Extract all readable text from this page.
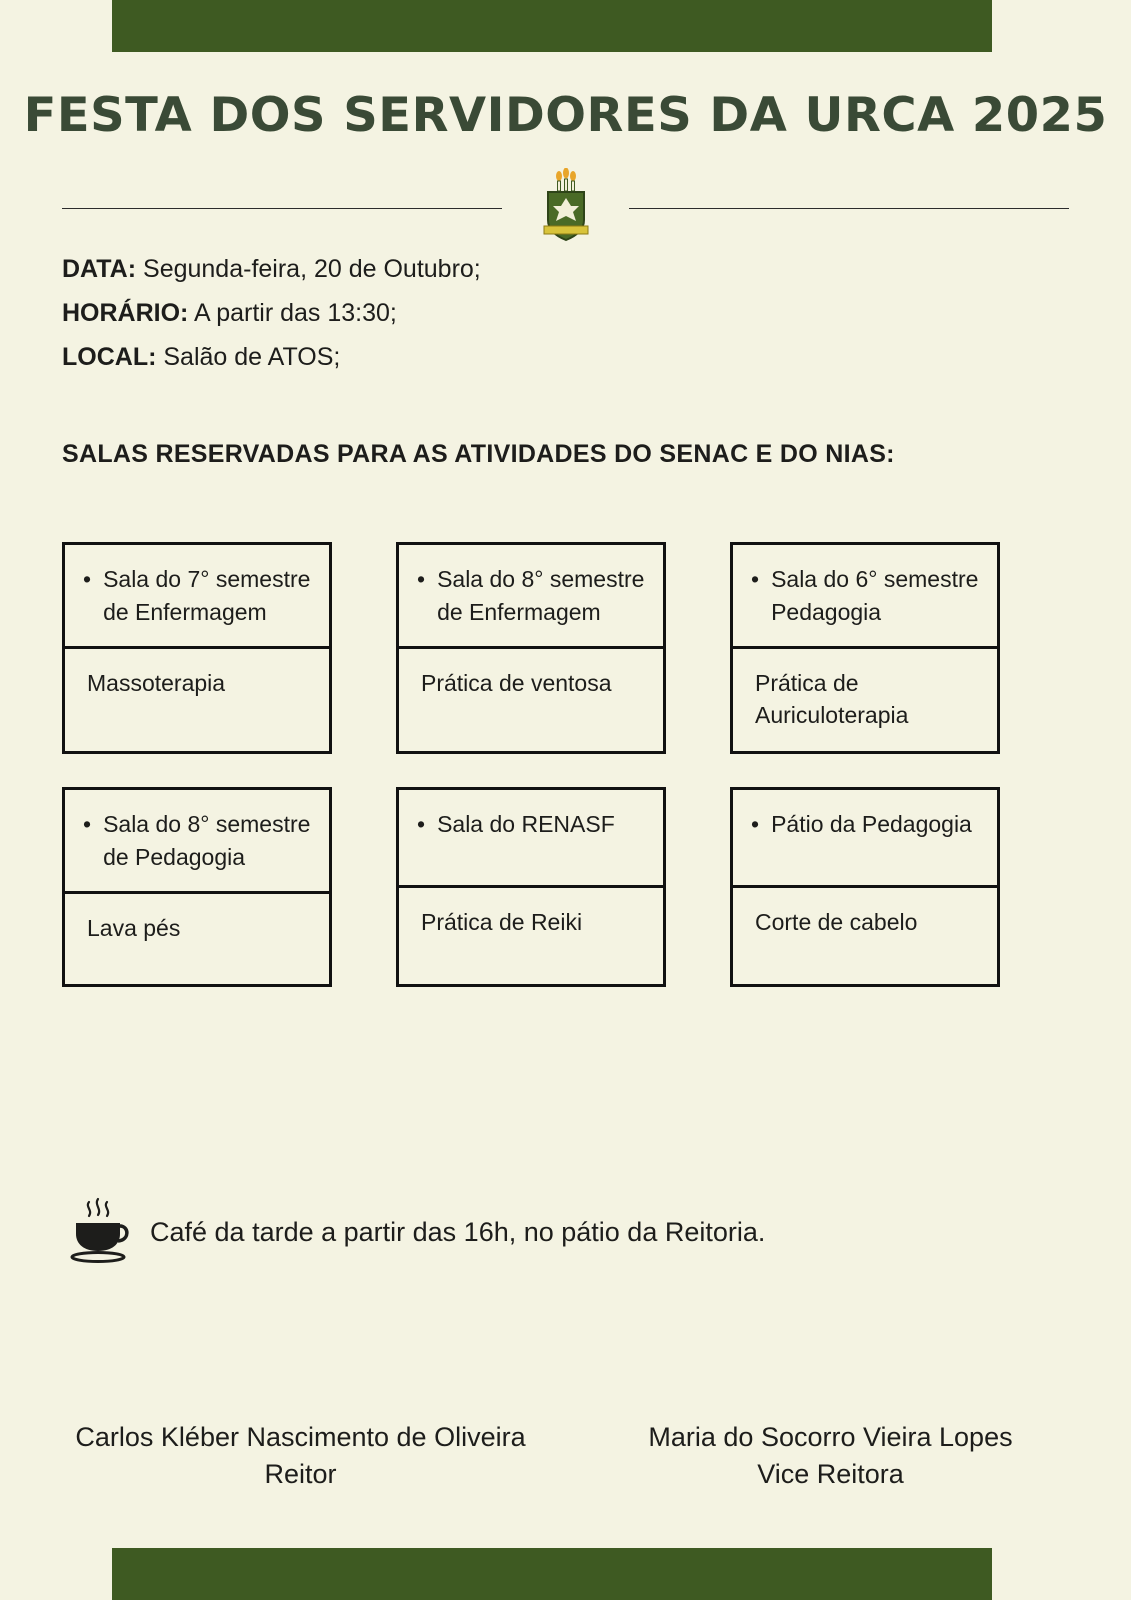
FESTA DOS SERVIDORES DA URCA 2025
DATA: Segunda-feira, 20 de Outubro;
HORÁRIO: A partir das 13:30;
LOCAL: Salão de ATOS;
SALAS RESERVADAS PARA AS ATIVIDADES DO SENAC E DO NIAS:
• Sala do 7° semestre de Enfermagem
Massoterapia
• Sala do 8° semestre de Enfermagem
Prática de ventosa
• Sala do 6° semestre Pedagogia
Prática de Auriculoterapia
• Sala do 8° semestre de Pedagogia
Lava pés
• Sala do RENASF
Prática de Reiki
• Pátio da Pedagogia
Corte de cabelo
Café da tarde a partir das 16h, no pátio da Reitoria.
Carlos Kléber Nascimento de Oliveira
Reitor
Maria do Socorro Vieira Lopes
Vice Reitora
